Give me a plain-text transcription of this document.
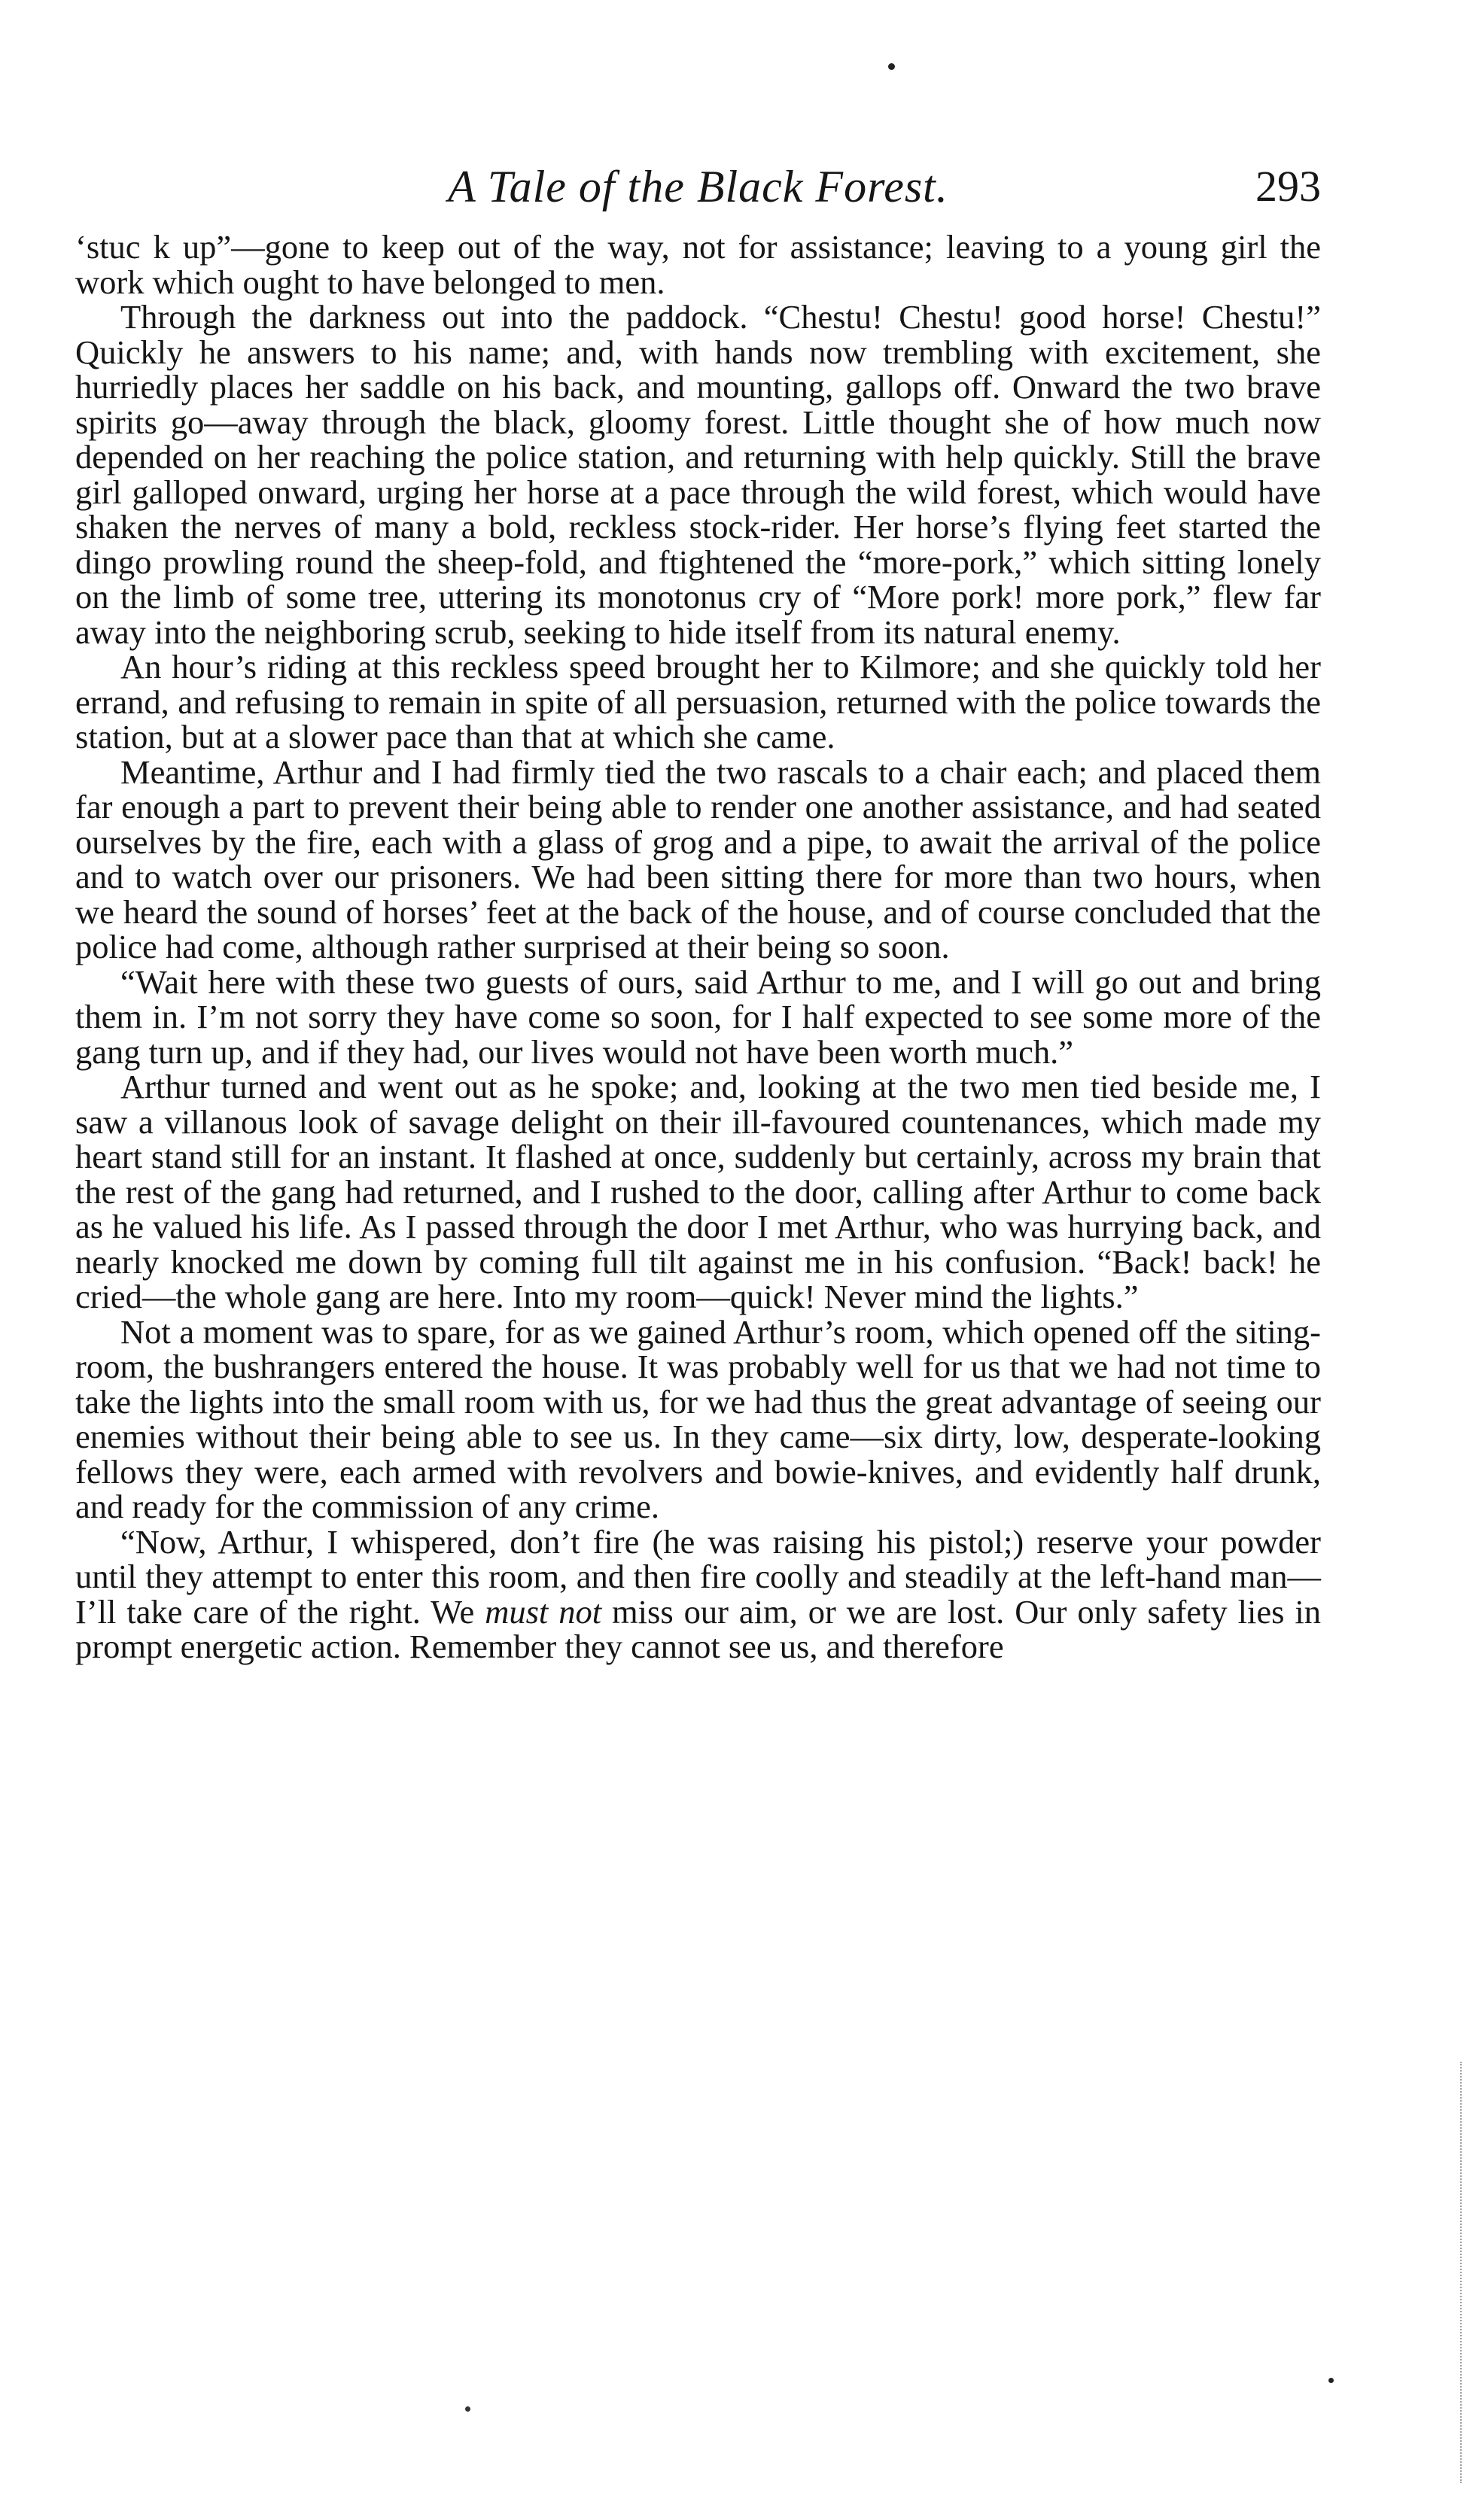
A Tale of the Black Forest.	293

‘stuc k up”—gone to keep out of the way, not for assistance; leaving to a young girl the work which ought to have belonged to men.

Through the darkness out into the paddock. “Chestu! Chestu! good horse! Chestu!” Quickly he answers to his name; and, with hands now trembling with excitement, she hurriedly places her saddle on his back, and mounting, gallops off. Onward the two brave spirits go—away through the black, gloomy forest. Little thought she of how much now depended on her reaching the police station, and returning with help quickly. Still the brave girl galloped onward, urging her horse at a pace through the wild forest, which would have shaken the nerves of many a bold, reckless stock-rider. Her horse’s flying feet started the dingo prowling round the sheep-fold, and ftightened the “more-pork,” which sitting lonely on the limb of some tree, uttering its monotonus cry of “More pork! more pork,” flew far away into the neighboring scrub, seeking to hide itself from its natural enemy.

An hour’s riding at this reckless speed brought her to Kilmore; and she quickly told her errand, and refusing to remain in spite of all persuasion, returned with the police towards the station, but at a slower pace than that at which she came.

Meantime, Arthur and I had firmly tied the two rascals to a chair each; and placed them far enough a part to prevent their being able to render one another assistance, and had seated ourselves by the fire, each with a glass of grog and a pipe, to await the arrival of the police and to watch over our prisoners. We had been sitting there for more than two hours, when we heard the sound of horses’ feet at the back of the house, and of course concluded that the police had come, although rather surprised at their being so soon.

“Wait here with these two guests of ours, said Arthur to me, and I will go out and bring them in. I’m not sorry they have come so soon, for I half expected to see some more of the gang turn up, and if they had, our lives would not have been worth much.”

Arthur turned and went out as he spoke; and, looking at the two men tied beside me, I saw a villanous look of savage delight on their ill-favoured countenances, which made my heart stand still for an instant. It flashed at once, suddenly but certainly, across my brain that the rest of the gang had returned, and I rushed to the door, calling after Arthur to come back as he valued his life. As I passed through the door I met Arthur, who was hurrying back, and nearly knocked me down by coming full tilt against me in his confusion. “Back! back! he cried—the whole gang are here. Into my room—quick! Never mind the lights.”

Not a moment was to spare, for as we gained Arthur’s room, which opened off the siting-room, the bushrangers entered the house. It was probably well for us that we had not time to take the lights into the small room with us, for we had thus the great advantage of seeing our enemies without their being able to see us. In they came—six dirty, low, desperate-looking fellows they were, each armed with revolvers and bowie-knives, and evidently half drunk, and ready for the commission of any crime.

“Now, Arthur, I whispered, don’t fire (he was raising his pistol;) reserve your powder until they attempt to enter this room, and then fire coolly and steadily at the left-hand man—I’ll take care of the right. We must not miss our aim, or we are lost. Our only safety lies in prompt energetic action. Remember they cannot see us, and therefore
